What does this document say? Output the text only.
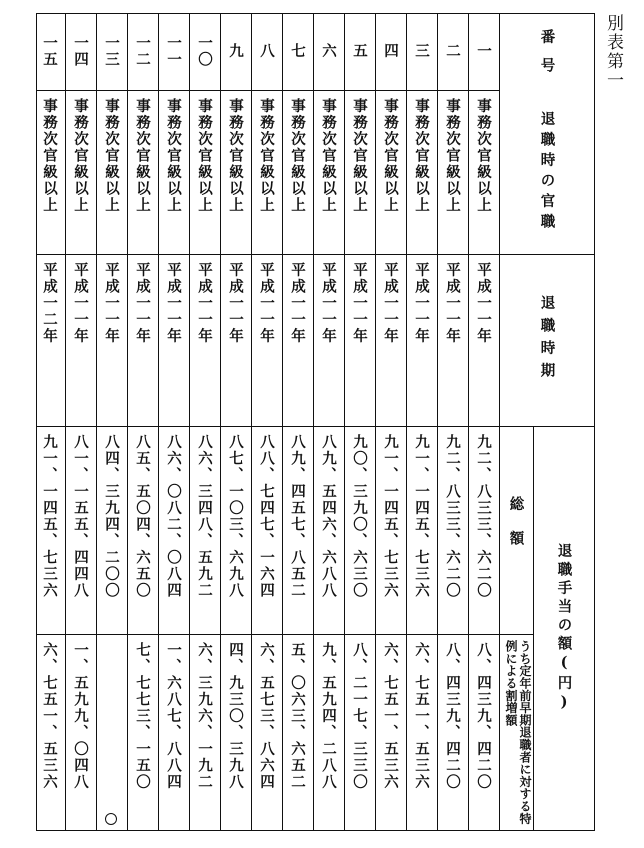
別表第一
番号
退職時の官職
退職時期
総額
退職手当の額(円)
うち定年前早期退職者に対する特例による割増額
一
事務次官級以上
平成一一年
九二、八三三、六二〇
八、四三九、四二〇
二
事務次官級以上
平成一一年
九二、八三三、六二〇
八、四三九、四二〇
三
事務次官級以上
平成一一年
九一、一四五、七三六
六、七五一、五三六
四
事務次官級以上
平成一一年
九一、一四五、七三六
六、七五一、五三六
五
事務次官級以上
平成一一年
九〇、三九〇、六三〇
八、二一七、三三〇
六
事務次官級以上
平成一一年
八九、五四六、六八八
九、五九四、二八八
七
事務次官級以上
平成一一年
八九、四五七、八五二
五、〇六三、六五二
八
事務次官級以上
平成一一年
八八、七四七、一六四
六、五七三、八六四
九
事務次官級以上
平成一一年
八七、一〇三、六九八
四、九三〇、三九八
一〇
事務次官級以上
平成一一年
八六、三四八、五九二
六、三九六、一九二
一一
事務次官級以上
平成一一年
八六、〇八二、〇八四
一、六八七、八八四
一二
事務次官級以上
平成一一年
八五、五〇四、六五〇
七、七七三、一五〇
一三
事務次官級以上
平成一一年
八四、三九四、二〇〇
一四
事務次官級以上
平成一一年
八一、一五五、四四八
一、五九九、〇四八
一五
事務次官級以上
平成一二年
九一、一四五、七三六
六、七五一、五三六
